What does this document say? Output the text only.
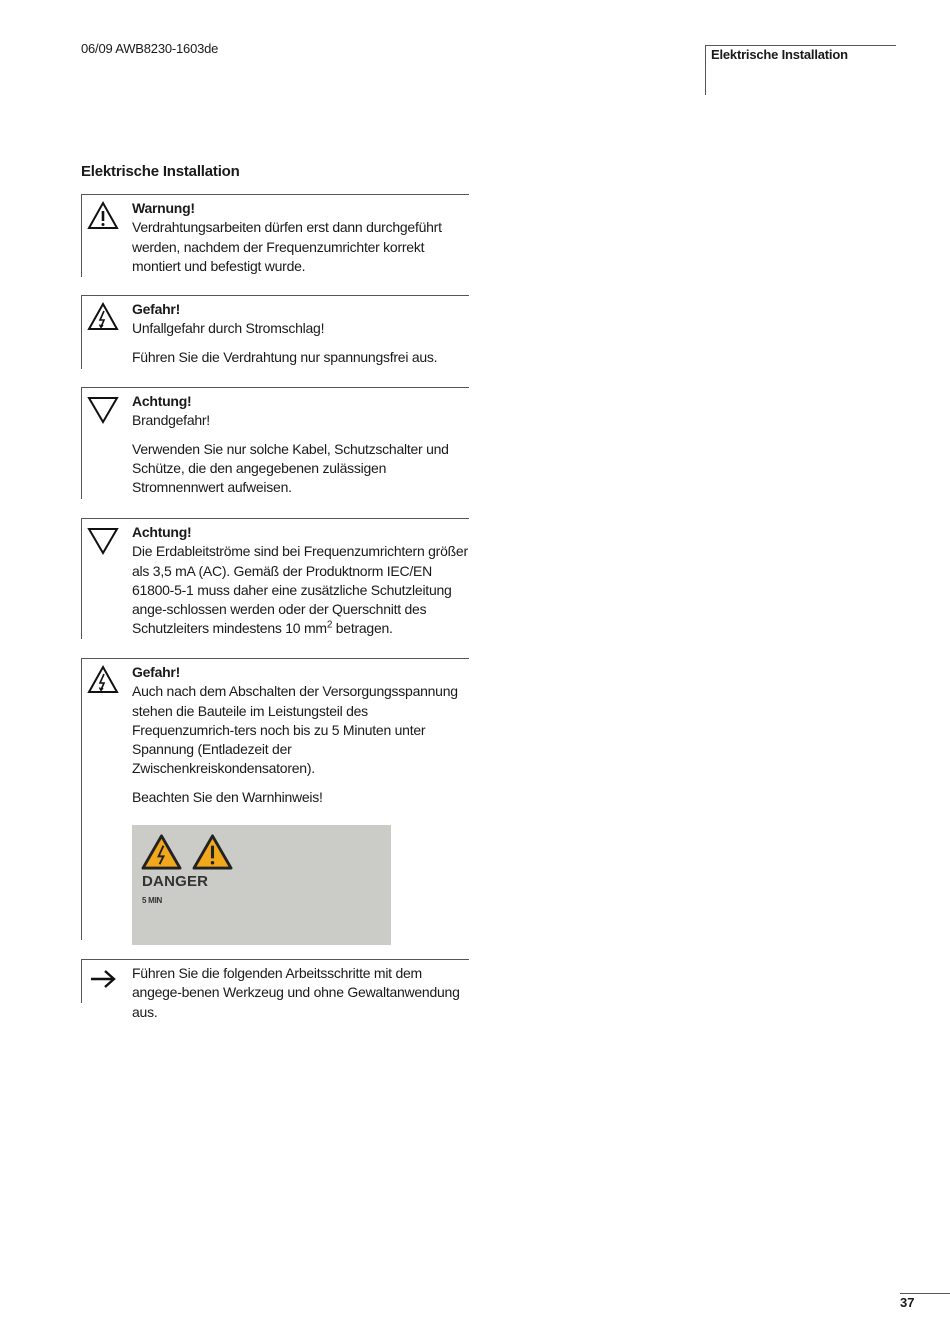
06/09 AWB8230-1603de	Elektrische Installation
Elektrische Installation
Warnung!

Verdrahtungsarbeiten dürfen erst dann durchgeführt werden, nachdem der Frequenzumrichter korrekt montiert und befestigt wurde.

Gefahr!

Unfallgefahr durch Stromschlag!

Führen Sie die Verdrahtung nur spannungsfrei aus.

Achtung!

Brandgefahr!

Verwenden Sie nur solche Kabel, Schutzschalter und Schütze, die den angegebenen zulässigen Stromnennwert aufweisen.

Achtung!

Die Erdableitströme sind bei Frequenzumrichtern größer als 3,5 mA (AC). Gemäß der Produktnorm IEC/EN 61800-5-1 muss daher eine zusätzliche Schutzleitung ange-schlossen werden oder der Querschnitt des Schutzleiters mindestens 10 $mm^2$ betragen.

Gefahr!

Auch nach dem Abschalten der Versorgungsspannung stehen die Bauteile im Leistungsteil des Frequenzumrich-ters noch bis zu 5 Minuten unter Spannung (Entladezeit der Zwischenkreiskondensatoren).

Beachten Sie den Warnhinweis!

DANGER
5 MIN

Führen Sie die folgenden Arbeitsschritte mit dem angege-benen Werkzeug und ohne Gewaltanwendung aus.

37
